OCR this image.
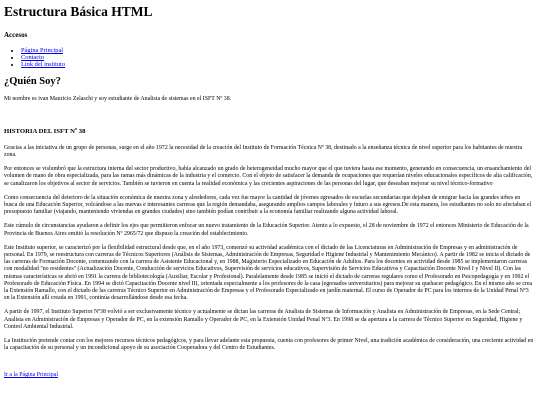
Estructura Básica HTML
Accesos
• Página Principal
• Contacto
• Link del instituto
¿Quién Soy?

Mi nombre es ivan Mauricio Zelaschi y soy estudiante de Analista de sistemas en el ISFT Nº 38.

HISTORIA DEL ISFT Nº 38

Gracias a las iniciativa de un grupo de personas, surge en el año 1972 la necesidad de la creación del Instituto de Formación Técnica Nº 38, destinado a la enseñanza técnica de nivel superior para los habitantes de nuestra zona.

Por entonces se vislumbró que la estructura interna del sector productivo, había alcanzado un grado de heterogeneidad mucho mayor que el que tuviera hasta ese momento, generando en consecuencia, un ensanchamiento del volumen de mano de obra especializada, para las ramas más dinámicas de la industria y el comercio. Con el objeto de satisfacer la demanda de ocupaciones que requerían niveles educacionales específicos de alta calificación, se canalizaron los objetivos al sector de servicios. También se tuvieron en cuenta la realidad económica y las crecientes aspiraciones de las personas del lugar, que deseaban mejorar su nivel técnico-formativo

Como consecuencia del deterioro de la situación económica de nuestra zona y alrededores, cada vez fue mayor la cantidad de jóvenes egresados de escuelas secundarias que dejaban de emigrar hacia las grandes urbes en busca de una Educación Superior, volcándose a las nuevas e interesantes carreras que la región demandaba, asegurando amplios campos laborales y futuro a sus egresos.De esta manera, los estudiantes no solo no afectaban el presupuesto familiar (viajando, manteniendo viviendas en grandes ciudades) sino también podían contribuir a la economía familiar realizando alguna actividad laboral.

Este cúmulo de circunstancias ayudaron a definir los ejes que permitieron enfocar un nuevo tratamiento de la Educación Superior. Atento a lo expuesto, el 28 de noviembre de 1972 el entonces Ministerio de Educación de la Provincia de Buenos Aires emitió la resolución Nº 2965/72 que dispuso la creación del establecimiento.

Este Instituto superior, se caracterizó por la flexibilidad estructural desde que, en el año 1973, comenzó su actividad académica con el dictado de las Licenciaturas en Administración de Empresas y en administración de personal. En 1979, se reestructura con carreras de Técnicos Superiores (Análisis de Sistemas, Administración de Empresas, Seguridad e Higiene Industrial y Mantenimiento Mecánico). A partir de 1982 se inicia el dictado de las carreras de Formación Docente, comenzando con la carrera de Asistente Educacional y, en 1988, Magisterio Especializado en Educación de Adultos. Para los docentes en actividad desde 1985 se implementaron carreras con modalidad "no residentes" (Actualización Docente, Conducción de servicios Educativos, Supervisión de servicios educativos, Supervisión de Servicios Educativos y Capacitación Docente Nivel I y Nivel II). Con las mismas características se abrió en 1991 la carrera de bibliotecología (Auxiliar, Escolar y Profesional). Paralelamente desde 1985 se inició el dictado de carreras regulares como el Profesorado en Psicopedagogía y en 1992 el Profesorado de Educación Física. En 1994 se dictó Capacitación Docente nivel III, orientada especialmente a los profesores de la casa (egresados universitarios) para mejorar su quehacer pedagógico. En el mismo año se crea la Extensión Ramallo, con el dictado de las carreras Técnico Superior en Administración de Empresas y el Profesorado Especializado en jardín maternal. El curso de Operador de PC para los internos de la Unidad Penal Nº3 en la Extensión allí creada en 1991, continúa desarrollándose desde esa fecha.

A partir de 1997, el Instituto Superior Nº38 volvió a ser exclusivamente técnico y actualmente se dictan las carreras de Analista de Sistemas de Información y Analista en Administración de Empresas, en la Sede Central; Analista en Administración de Empresas y Operador de PC, en la extensión Ramallo y Operador de PC, en la Extensión Unidad Penal Nº3. En 1998 se da apertura a la carrera de Técnico Superior en Seguridad, Higiene y Control Ambiental Industrial.

La Institución pretende contar con los mejores recursos técnicos pedagógicos, y para llevar adelante esta propuesta, cuenta con profesores de primer Nivel, una tradición académica de consideración, una creciente actividad en la capacitación de su personal y un incondicional apoyo de su asociación Cooperadora y del Centro de Estudiantes.

Ir a la Página Principal
